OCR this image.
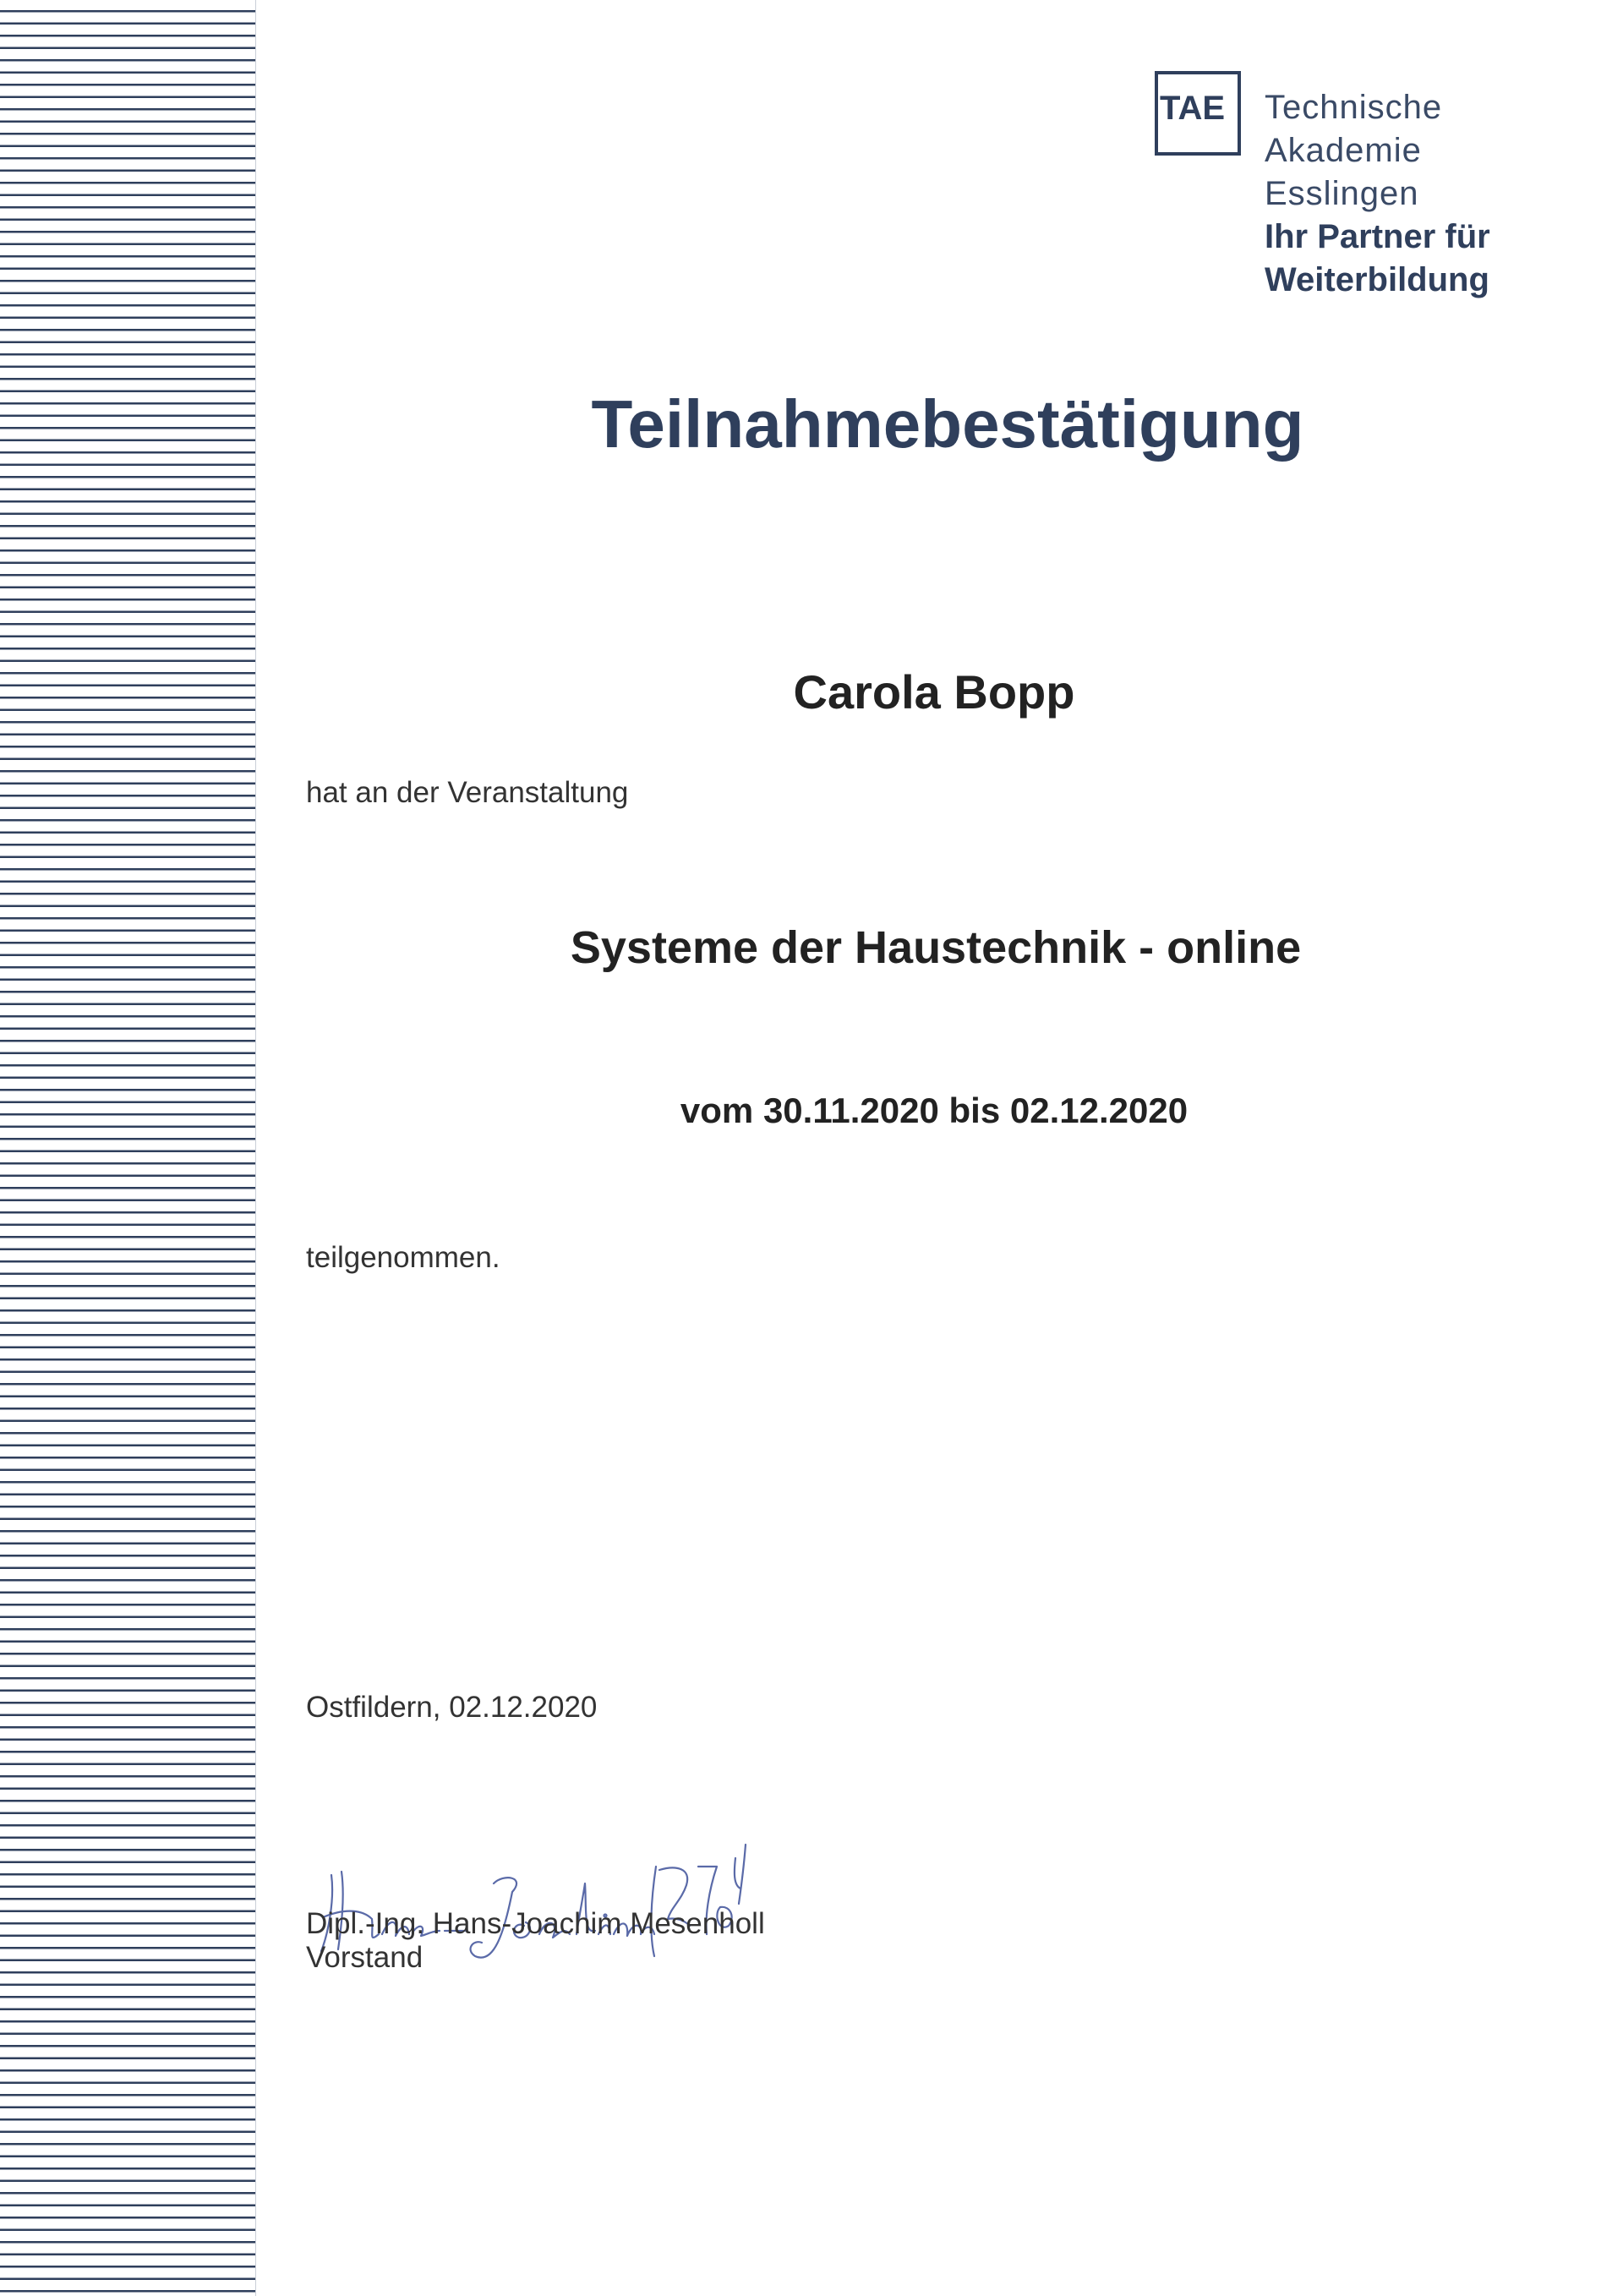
TAE Technische
Akademie
Esslingen
Ihr Partner für
Weiterbildung
Teilnahmebestätigung
Carola Bopp
hat an der Veranstaltung
Systeme der Haustechnik - online
vom 30.11.2020 bis 02.12.2020
teilgenommen.
Ostfildern, 02.12.2020
Dipl.-Ing. Hans-Joachim Mesenholl
Vorstand
